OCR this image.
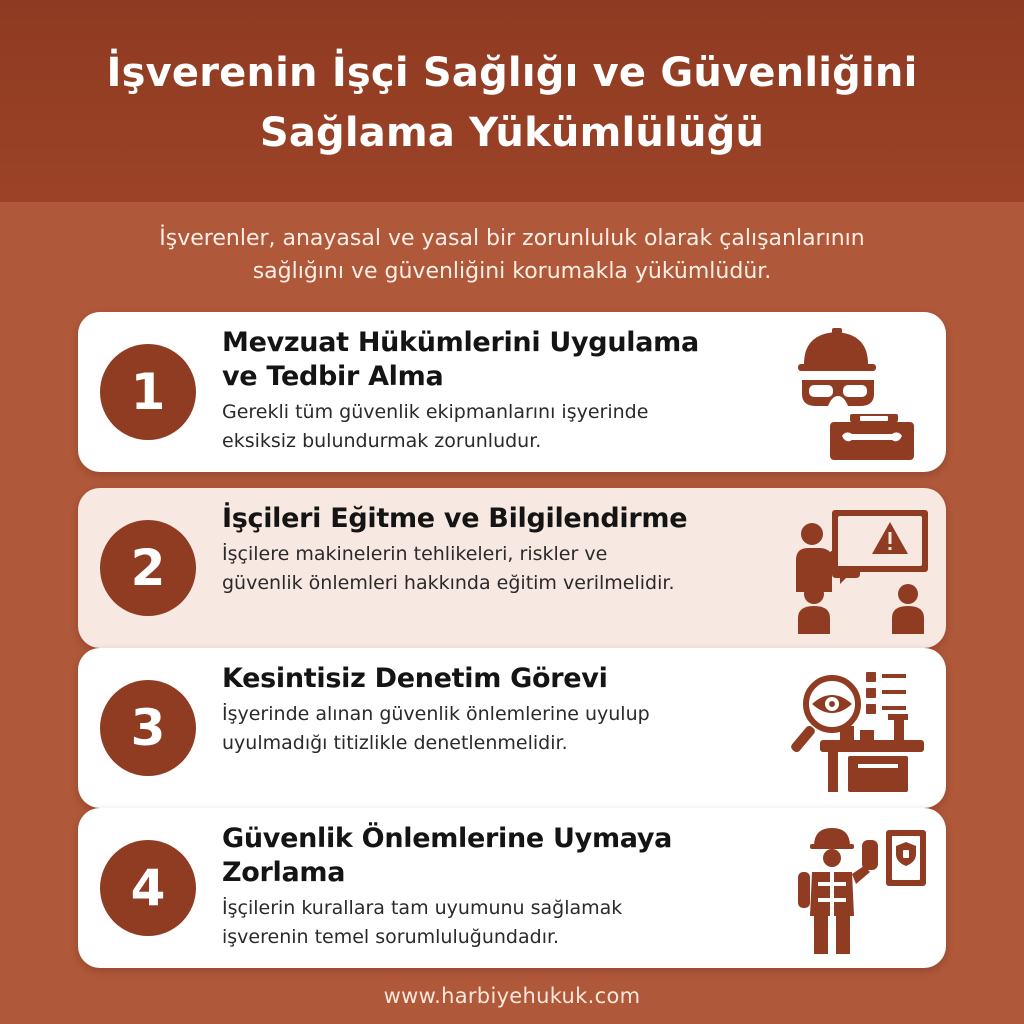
İşverenin İşçi Sağlığı ve Güvenliğini
Sağlama Yükümlülüğü
İşverenler, anayasal ve yasal bir zorunluluk olarak çalışanlarının
sağlığını ve güvenliğini korumakla yükümlüdür.
1
Mevzuat Hükümlerini Uygulama
ve Tedbir Alma
Gerekli tüm güvenlik ekipmanlarını işyerinde
eksiksiz bulundurmak zorunludur.
2
İşçileri Eğitme ve Bilgilendirme
İşçilere makinelerin tehlikeleri, riskler ve
güvenlik önlemleri hakkında eğitim verilmelidir.
3
Kesintisiz Denetim Görevi
İşyerinde alınan güvenlik önlemlerine uyulup
uyulmadığı titizlikle denetlenmelidir.
4
Güvenlik Önlemlerine Uymaya
Zorlama
İşçilerin kurallara tam uyumunu sağlamak
işverenin temel sorumluluğundadır.
www.harbiyehukuk.com
